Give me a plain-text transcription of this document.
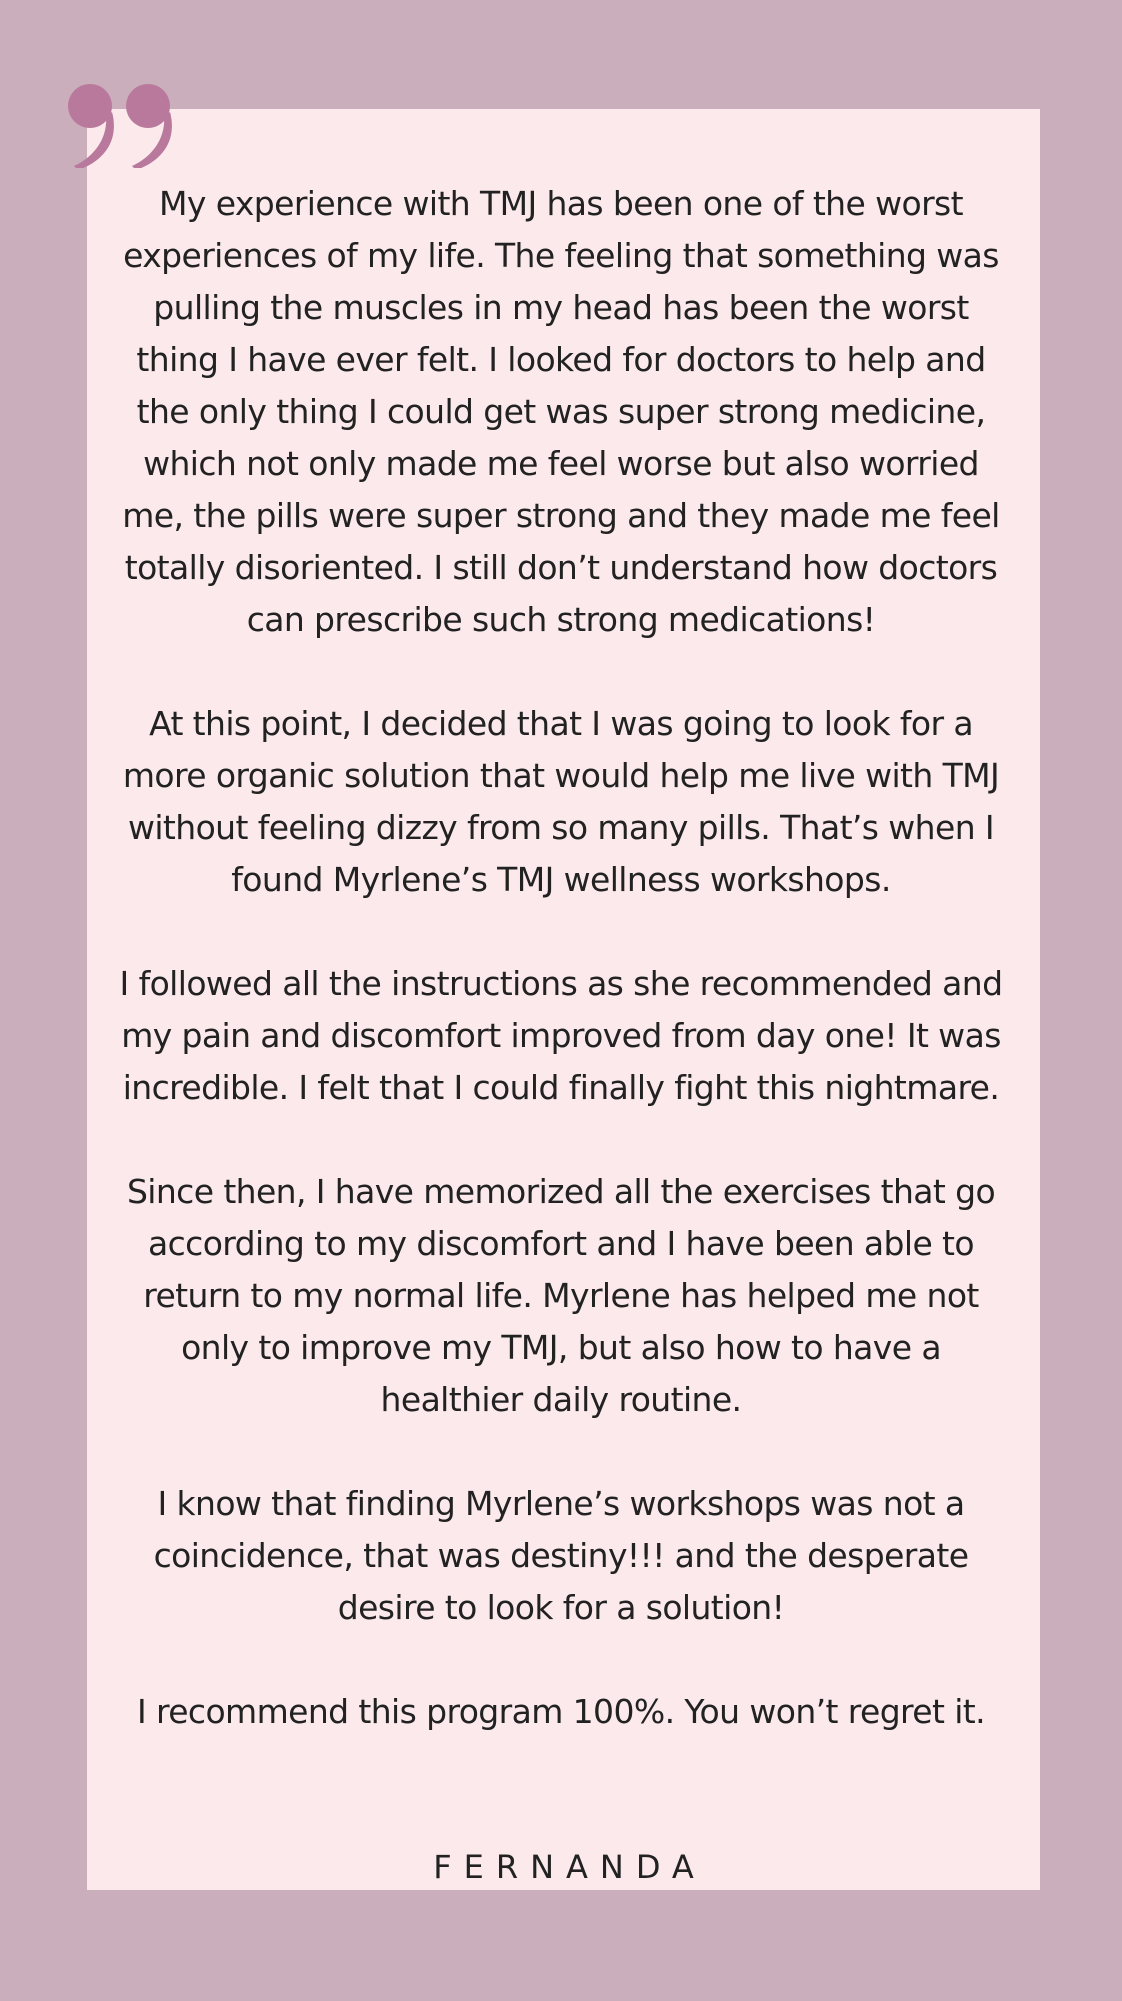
My experience with TMJ has been one of the worst experiences of my life. The feeling that something was pulling the muscles in my head has been the worst thing I have ever felt. I looked for doctors to help and the only thing I could get was super strong medicine, which not only made me feel worse but also worried me, the pills were super strong and they made me feel totally disoriented. I still don’t understand how doctors can prescribe such strong medications!

At this point, I decided that I was going to look for a more organic solution that would help me live with TMJ without feeling dizzy from so many pills. That’s when I found Myrlene’s TMJ wellness workshops.

I followed all the instructions as she recommended and my pain and discomfort improved from day one! It was incredible. I felt that I could finally fight this nightmare.

Since then, I have memorized all the exercises that go according to my discomfort and I have been able to return to my normal life. Myrlene has helped me not only to improve my TMJ, but also how to have a healthier daily routine.

I know that finding Myrlene’s workshops was not a coincidence, that was destiny!!! and the desperate desire to look for a solution!

I recommend this program 100%. You won’t regret it.

FERNANDA
